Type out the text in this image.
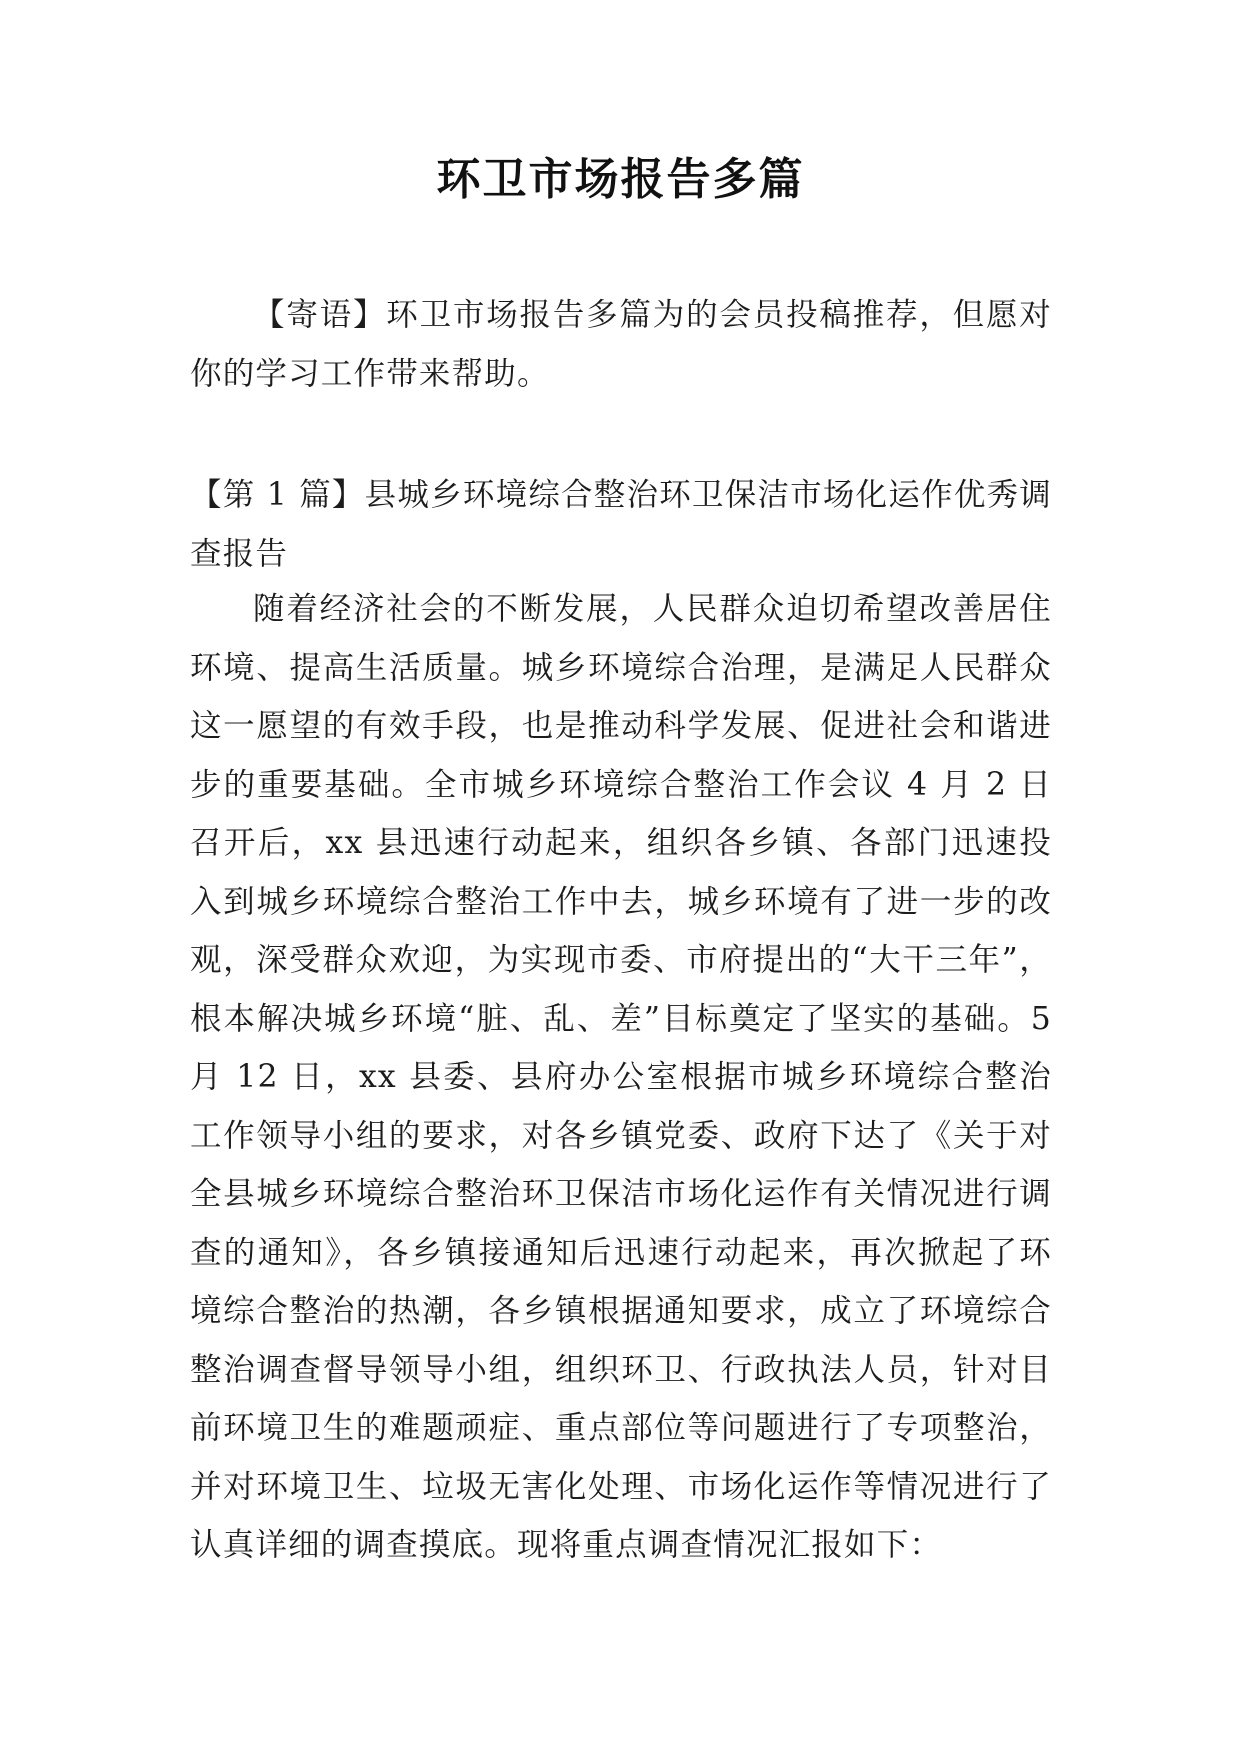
环卫市场报告多篇
【寄语】环卫市场报告多篇为的会员投稿推荐，但愿对你的学习工作带来帮助。
【第 1 篇】县城乡环境综合整治环卫保洁市场化运作优秀调查报告
随着经济社会的不断发展，人民群众迫切希望改善居住环境、提高生活质量。城乡环境综合治理，是满足人民群众这一愿望的有效手段，也是推动科学发展、促进社会和谐进步的重要基础。全市城乡环境综合整治工作会议 4 月 2 日召开后，xx 县迅速行动起来，组织各乡镇、各部门迅速投入到城乡环境综合整治工作中去，城乡环境有了进一步的改观，深受群众欢迎，为实现市委、市府提出的“大干三年”， 根本解决城乡环境“脏、乱、差”目标奠定了坚实的基础。5 月 12 日，xx 县委、县府办公室根据市城乡环境综合整治工作领导小组的要求，对各乡镇党委、政府下达了《关于对全县城乡环境综合整治环卫保洁市场化运作有关情况进行调查的通知》，各乡镇接通知后迅速行动起来，再次掀起了环境综合整治的热潮，各乡镇根据通知要求，成立了环境综合整治调查督导领导小组，组织环卫、行政执法人员，针对目前环境卫生的难题顽症、重点部位等问题进行了专项整治，并对环境卫生、垃圾无害化处理、市场化运作等情况进行了认真详细的调查摸底。现将重点调查情况汇报如下：
